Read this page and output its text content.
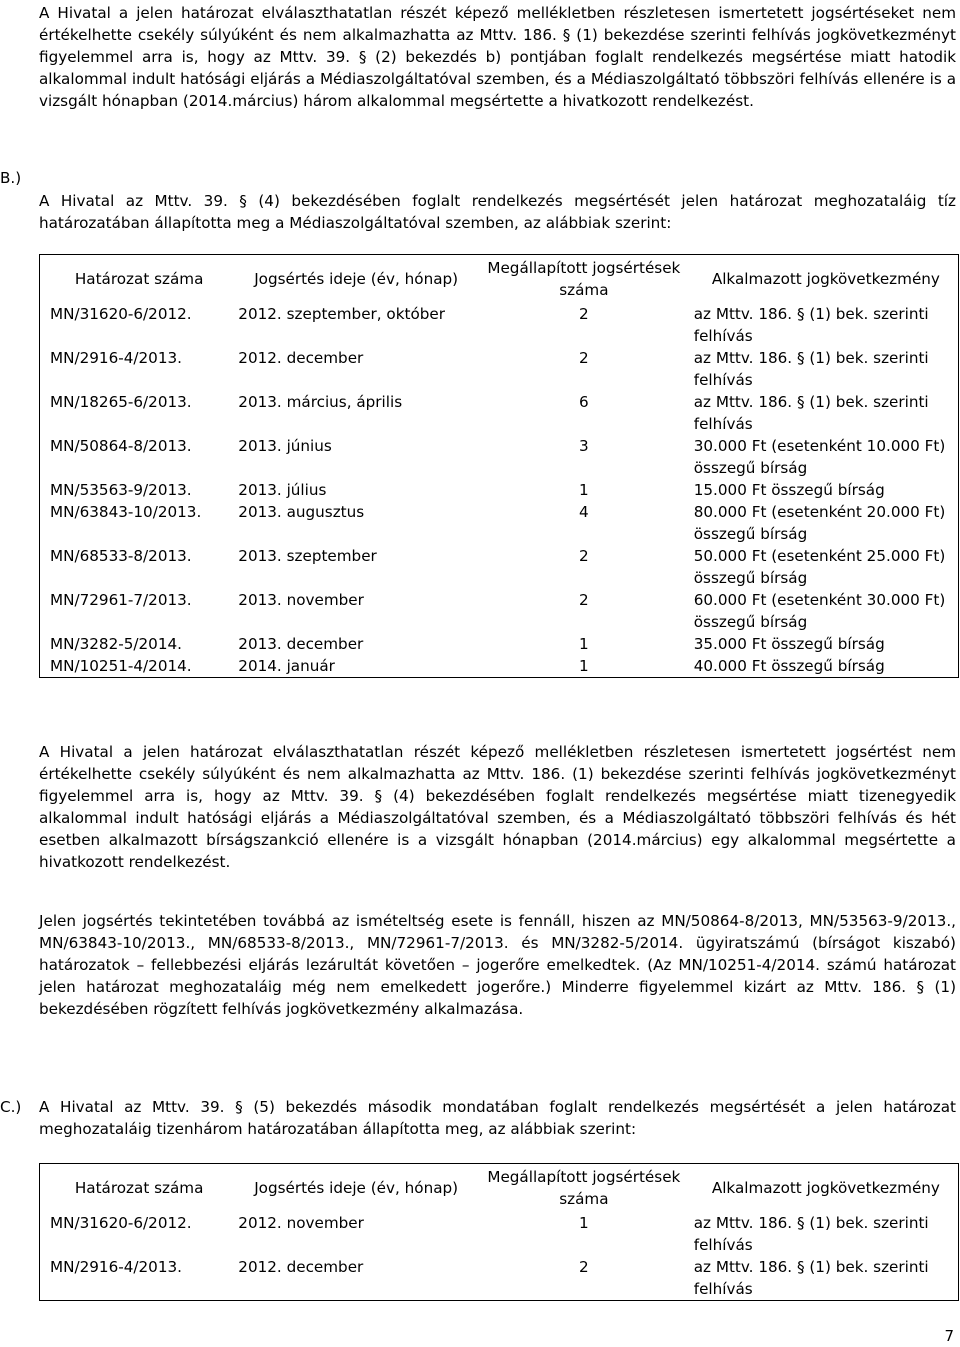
A Hivatal a jelen határozat elválaszthatatlan részét képező mellékletben részletesen ismertetett jogsértéseket nem értékelhette csekély súlyúként és nem alkalmazhatta az Mttv. 186. § (1) bekezdése szerinti felhívás jogkövetkezményt figyelemmel arra is, hogy az Mttv. 39. § (2) bekezdés b) pontjában foglalt rendelkezés megsértése miatt hatodik alkalommal indult hatósági eljárás a Médiaszolgáltatóval szemben, és a Médiaszolgáltató többszöri felhívás ellenére is a vizsgált hónapban (2014.március) három alkalommal megsértette a hivatkozott rendelkezést.

B.)

A Hivatal az Mttv. 39. § (4) bekezdésében foglalt rendelkezés megsértését jelen határozat meghozataláig tíz határozatában állapította meg a Médiaszolgáltatóval szemben, az alábbiak szerint:

Határozat száma	Jogsértés ideje (év, hónap)	Megállapított jogsértések száma	Alkalmazott jogkövetkezmény
MN/31620-6/2012.	2012. szeptember, október	2	az Mttv. 186. § (1) bek. szerinti felhívás
MN/2916-4/2013.	2012. december	2	az Mttv. 186. § (1) bek. szerinti felhívás
MN/18265-6/2013.	2013. március, április	6	az Mttv. 186. § (1) bek. szerinti felhívás
MN/50864-8/2013.	2013. június	3	30.000 Ft (esetenként 10.000 Ft) összegű bírság
MN/53563-9/2013.	2013. július	1	15.000 Ft összegű bírság
MN/63843-10/2013.	2013. augusztus	4	80.000 Ft (esetenként 20.000 Ft) összegű bírság
MN/68533-8/2013.	2013. szeptember	2	50.000 Ft (esetenként 25.000 Ft) összegű bírság
MN/72961-7/2013.	2013. november	2	60.000 Ft (esetenként 30.000 Ft) összegű bírság
MN/3282-5/2014.	2013. december	1	35.000 Ft összegű bírság
MN/10251-4/2014.	2014. január	1	40.000 Ft összegű bírság

A Hivatal a jelen határozat elválaszthatatlan részét képező mellékletben részletesen ismertetett jogsértést nem értékelhette csekély súlyúként és nem alkalmazhatta az Mttv. 186. (1) bekezdése szerinti felhívás jogkövetkezményt figyelemmel arra is, hogy az Mttv. 39. § (4) bekezdésében foglalt rendelkezés megsértése miatt tizenegyedik alkalommal indult hatósági eljárás a Médiaszolgáltatóval szemben, és a Médiaszolgáltató többszöri felhívás és hét esetben alkalmazott bírságszankció ellenére is a vizsgált hónapban (2014.március) egy alkalommal megsértette a hivatkozott rendelkezést.

Jelen jogsértés tekintetében továbbá az ismételtség esete is fennáll, hiszen az MN/50864-8/2013, MN/53563-9/2013., MN/63843-10/2013., MN/68533-8/2013., MN/72961-7/2013. és MN/3282-5/2014. ügyiratszámú (bírságot kiszabó) határozatok – fellebbezési eljárás lezárultát követően – jogerőre emelkedtek. (Az MN/10251-4/2014. számú határozat jelen határozat meghozataláig még nem emelkedett jogerőre.) Minderre figyelemmel kizárt az Mttv. 186. § (1) bekezdésében rögzített felhívás jogkövetkezmény alkalmazása.

C.) A Hivatal az Mttv. 39. § (5) bekezdés második mondatában foglalt rendelkezés megsértését a jelen határozat meghozataláig tizenhárom határozatában állapította meg, az alábbiak szerint:

Határozat száma	Jogsértés ideje (év, hónap)	Megállapított jogsértések száma	Alkalmazott jogkövetkezmény
MN/31620-6/2012.	2012. november	1	az Mttv. 186. § (1) bek. szerinti felhívás
MN/2916-4/2013.	2012. december	2	az Mttv. 186. § (1) bek. szerinti felhívás
7
